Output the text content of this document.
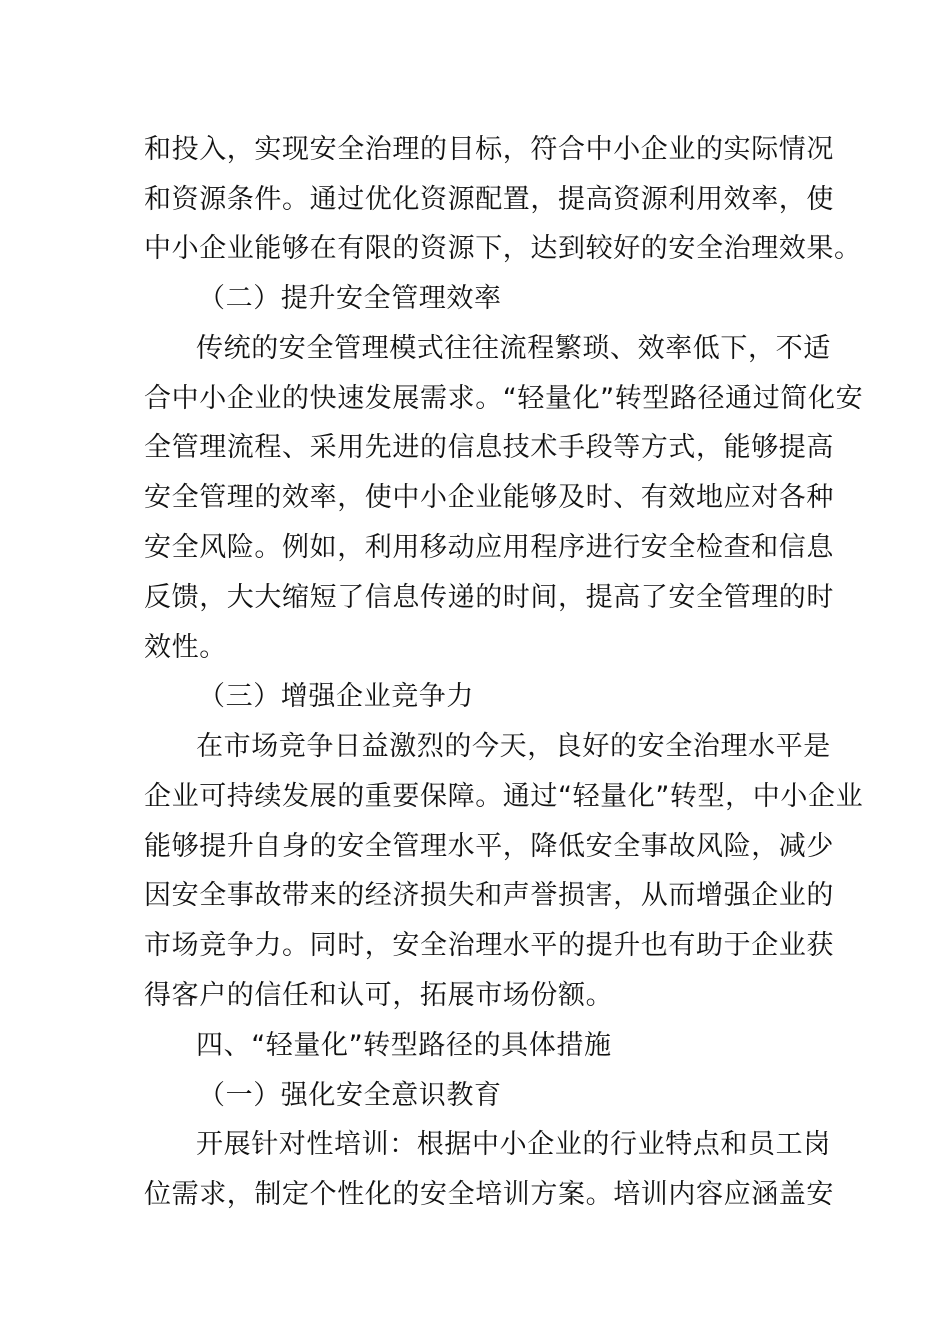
和投入，实现安全治理的目标，符合中小企业的实际情况
和资源条件。通过优化资源配置，提高资源利用效率，使
中小企业能够在有限的资源下，达到较好的安全治理效果。
（二）提升安全管理效率
传统的安全管理模式往往流程繁琐、效率低下，不适
合中小企业的快速发展需求。“轻量化”转型路径通过简化安
全管理流程、采用先进的信息技术手段等方式，能够提高
安全管理的效率，使中小企业能够及时、有效地应对各种
安全风险。例如，利用移动应用程序进行安全检查和信息
反馈，大大缩短了信息传递的时间，提高了安全管理的时
效性。
（三）增强企业竞争力
在市场竞争日益激烈的今天，良好的安全治理水平是
企业可持续发展的重要保障。通过“轻量化”转型，中小企业
能够提升自身的安全管理水平，降低安全事故风险，减少
因安全事故带来的经济损失和声誉损害，从而增强企业的
市场竞争力。同时，安全治理水平的提升也有助于企业获
得客户的信任和认可，拓展市场份额。
四、“轻量化”转型路径的具体措施
（一）强化安全意识教育
开展针对性培训：根据中小企业的行业特点和员工岗
位需求，制定个性化的安全培训方案。培训内容应涵盖安
